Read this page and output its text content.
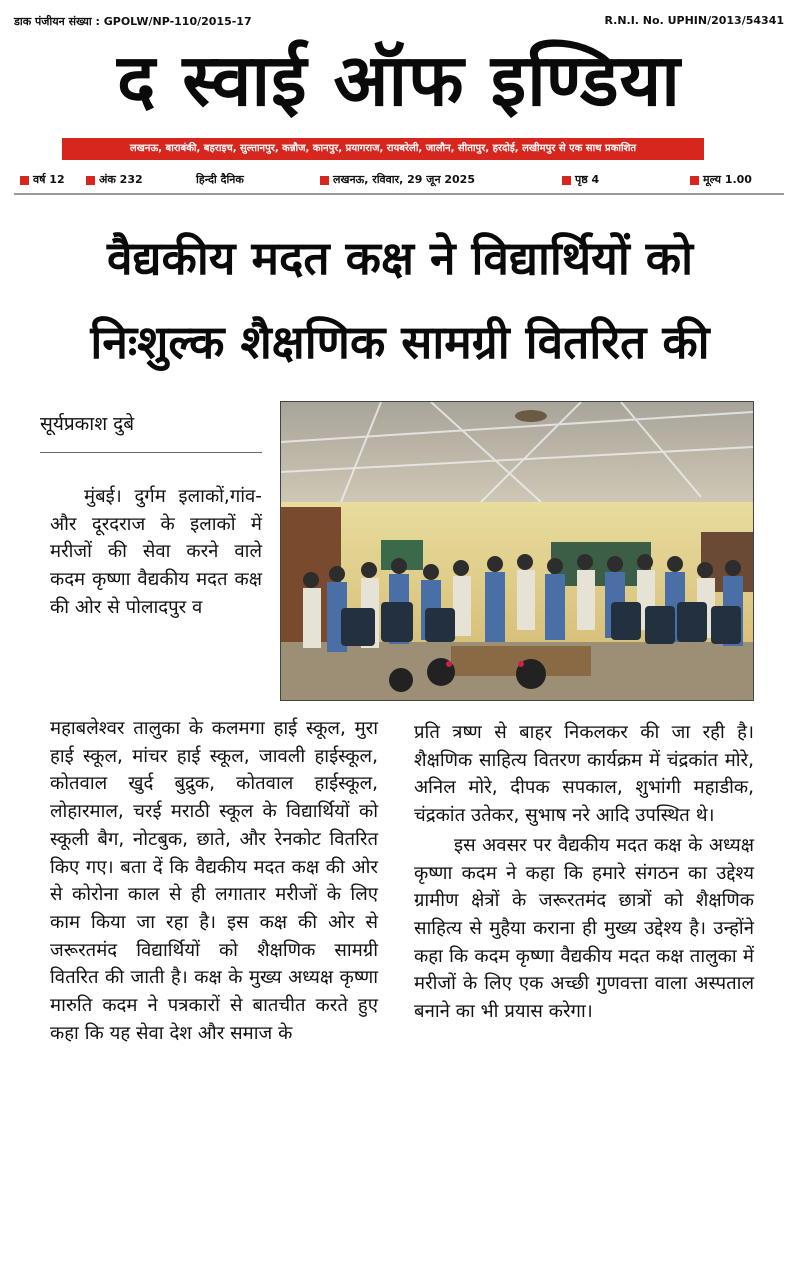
डाक पंजीयन संख्या : GPOLW/NP-110/2015-17	R.N.I. No. UPHIN/2013/54341
द स्वाई ऑफ इण्डिया
लखनऊ, बाराबंकी, बहराइच, सुल्तानपुर, कन्नौज, कानपुर, प्रयागराज, रायबरेली, जालौन, सीतापुर, हरदोई, लखीमपुर से एक साथ प्रकाशित
वर्ष 12	अंक 232	हिन्दी दैनिक	लखनऊ, रविवार, 29 जून 2025	पृष्ठ 4	मूल्य 1.00
वैद्यकीय मदत कक्ष ने विद्यार्थियों को
निःशुल्क शैक्षणिक सामग्री वितरित की
सूर्यप्रकाश दुबे

मुंबई। दुर्गम इलाकों,गांव- और दूरदराज के इलाकों में मरीजों की सेवा करने वाले कदम कृष्णा वैद्यकीय मदत कक्ष की ओर से पोलादपुर व

महाबलेश्वर तालुका के कलमगा हाई स्कूल, मुरा हाई स्कूल, मांचर हाई स्कूल, जावली हाईस्कूल, कोतवाल खुर्द बुद्रुक, कोतवाल हाईस्कूल, लोहारमाल, चरई मराठी स्कूल के विद्यार्थियों को स्कूली बैग, नोटबुक, छाते, और रेनकोट वितरित किए गए। बता दें कि वैद्यकीय मदत कक्ष की ओर से कोरोना काल से ही लगातार मरीजों के लिए काम किया जा रहा है। इस कक्ष की ओर से जरूरतमंद विद्यार्थियों को शैक्षणिक सामग्री वितरित की जाती है। कक्ष के मुख्य अध्यक्ष कृष्णा मारुति कदम ने पत्रकारों से बातचीत करते हुए कहा कि यह सेवा देश और समाज के

प्रति त्रष्ण से बाहर निकलकर की जा रही है। शैक्षणिक साहित्य वितरण कार्यक्रम में चंद्रकांत मोरे, अनिल मोरे, दीपक सपकाल, शुभांगी महाडीक, चंद्रकांत उतेकर, सुभाष नरे आदि उपस्थित थे।

इस अवसर पर वैद्यकीय मदत कक्ष के अध्यक्ष कृष्णा कदम ने कहा कि हमारे संगठन का उद्देश्य ग्रामीण क्षेत्रों के जरूरतमंद छात्रों को शैक्षणिक साहित्य से मुहैया कराना ही मुख्य उद्देश्य है। उन्होंने कहा कि कदम कृष्णा वैद्यकीय मदत कक्ष तालुका में मरीजों के लिए एक अच्छी गुणवत्ता वाला अस्पताल बनाने का भी प्रयास करेगा।
